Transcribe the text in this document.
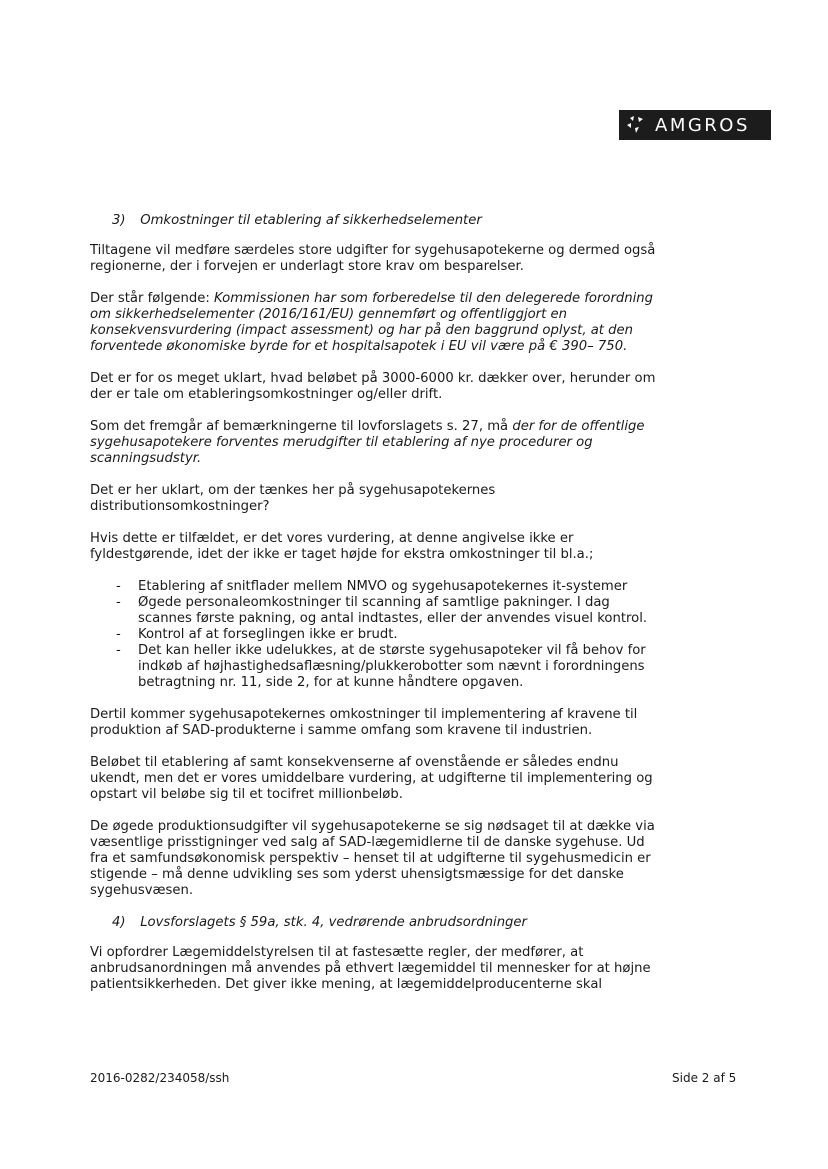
AMGROS
3) Omkostninger til etablering af sikkerhedselementer

Tiltagene vil medføre særdeles store udgifter for sygehusapotekerne og dermed også regionerne, der i forvejen er underlagt store krav om besparelser.

Der står følgende: Kommissionen har som forberedelse til den delegerede forordning om sikkerhedselementer (2016/161/EU) gennemført og offentliggjort en konsekvensvurdering (impact assessment) og har på den baggrund oplyst, at den forventede økonomiske byrde for et hospitalsapotek i EU vil være på € 390– 750.

Det er for os meget uklart, hvad beløbet på 3000-6000 kr. dækker over, herunder om der er tale om etableringsomkostninger og/eller drift.

Som det fremgår af bemærkningerne til lovforslagets s. 27, må der for de offentlige sygehusapotekere forventes merudgifter til etablering af nye procedurer og scanningsudstyr.

Det er her uklart, om der tænkes her på sygehusapotekernes distributionsomkostninger?

Hvis dette er tilfældet, er det vores vurdering, at denne angivelse ikke er fyldestgørende, idet der ikke er taget højde for ekstra omkostninger til bl.a.;

- Etablering af snitflader mellem NMVO og sygehusapotekernes it-systemer
- Øgede personaleomkostninger til scanning af samtlige pakninger. I dag scannes første pakning, og antal indtastes, eller der anvendes visuel kontrol.
- Kontrol af at forseglingen ikke er brudt.
- Det kan heller ikke udelukkes, at de største sygehusapoteker vil få behov for indkøb af højhastighedsaflæsning/plukkerobotter som nævnt i forordningens betragtning nr. 11, side 2, for at kunne håndtere opgaven.

Dertil kommer sygehusapotekernes omkostninger til implementering af kravene til produktion af SAD-produkterne i samme omfang som kravene til industrien.

Beløbet til etablering af samt konsekvenserne af ovenstående er således endnu ukendt, men det er vores umiddelbare vurdering, at udgifterne til implementering og opstart vil beløbe sig til et tocifret millionbeløb.

De øgede produktionsudgifter vil sygehusapotekerne se sig nødsaget til at dække via væsentlige prisstigninger ved salg af SAD-lægemidlerne til de danske sygehuse. Ud fra et samfundsøkonomisk perspektiv – henset til at udgifterne til sygehusmedicin er stigende – må denne udvikling ses som yderst uhensigtsmæssige for det danske sygehusvæsen.

4) Lovsforslagets § 59a, stk. 4, vedrørende anbrudsordninger

Vi opfordrer Lægemiddelstyrelsen til at fastesætte regler, der medfører, at anbrudsanordningen må anvendes på ethvert lægemiddel til mennesker for at højne patientsikkerheden. Det giver ikke mening, at lægemiddelproducenterne skal

2016-0282/234058/ssh	Side 2 af 5
